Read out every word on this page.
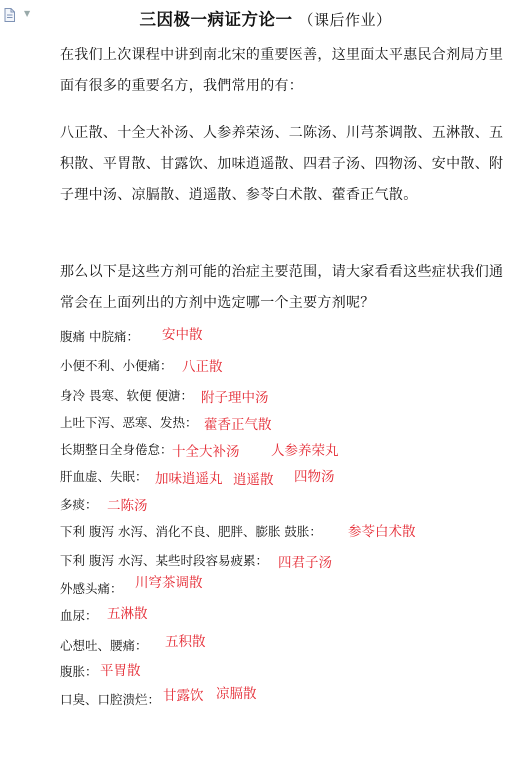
▼	三因极一病证方论一 （课后作业）
在我们上次课程中讲到南北宋的重要医善，这里面太平惠民合剂局方里面有很多的重要名方，我們常用的有：
八正散、十全大补汤、人参养荣汤、二陈汤、川芎茶调散、五淋散、五积散、平胃散、甘露饮、加味逍遥散、四君子汤、四物汤、安中散、附子理中汤、凉膈散、逍遥散、参苓白术散、藿香正气散。
那么以下是这些方剂可能的治症主要范围，请大家看看这些症状我们通常会在上面列出的方剂中选定哪一个主要方剂呢？
腹痛 中脘痛： 安中散
小便不利、小便痛： 八正散
身冷 畏寒、软便 便溏： 附子理中汤
上吐下泻、恶寒、发热： 藿香正气散
长期整日全身倦怠： 十全大补汤 人参养荣丸
肝血虚、失眠： 加味逍遥丸 逍遥散 四物汤
多痰： 二陈汤
下利 腹泻 水泻、消化不良、肥胖、膨胀 鼓胀： 参苓白术散
下利 腹泻 水泻、某些时段容易疲累： 四君子汤
外感头痛： 川穹茶调散
血尿： 五淋散
心想吐、腰痛： 五积散
腹胀： 平胃散
口臭、口腔溃烂： 甘露饮 凉膈散
